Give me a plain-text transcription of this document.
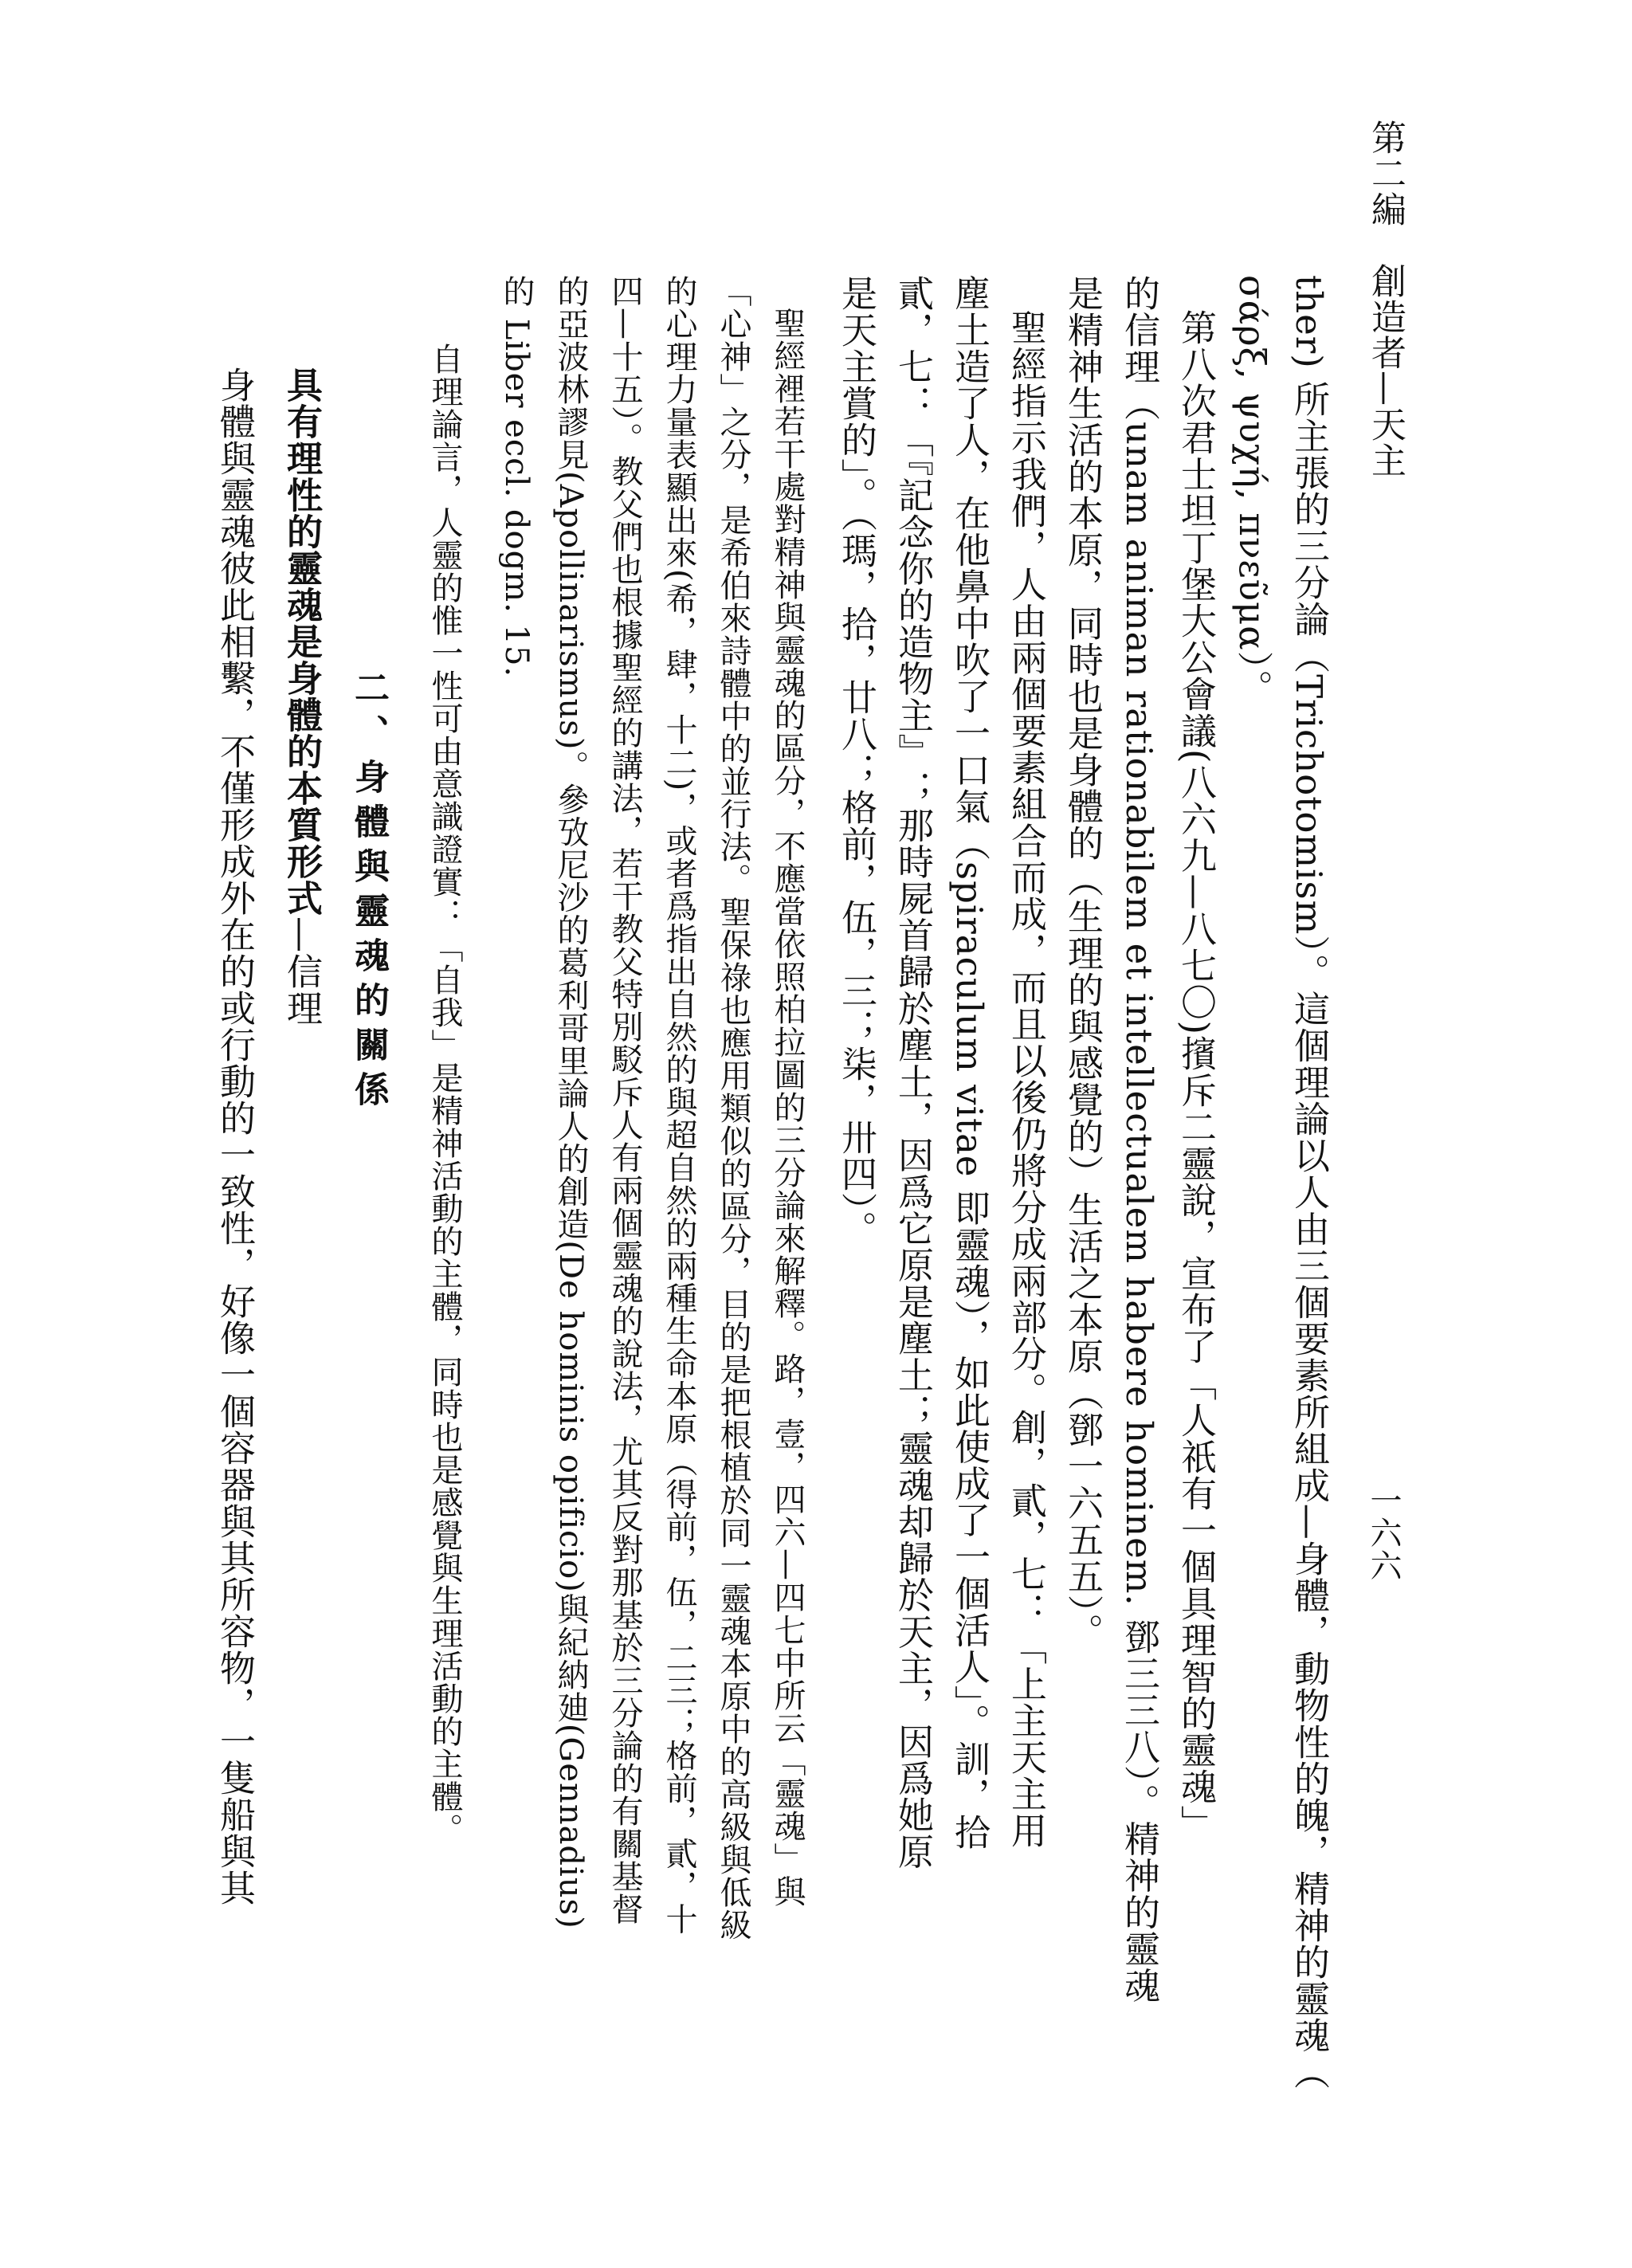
第二編　創造者—天主
一六六
ther) 所主張的三分論（Trichotomism）。這個理論以人由三個要素所組成—身體，動物性的魄，精神的靈魂（
σάρξ, ψυχή, πνεῦμα）。
第八次君士坦丁堡大公會議(八六九—八七〇)擯斥二靈說，宣布了「人祇有一個具理智的靈魂」
的信理（unam animan rationabilem et intellectualem habere hominem. 鄧三三八）。精神的靈魂
是精神生活的本原，同時也是身體的（生理的與感覺的）生活之本原（鄧一六五五）。
聖經指示我們，人由兩個要素組合而成，而且以後仍將分成兩部分。創，貳，七：「上主天主用
塵土造了人，在他鼻中吹了一口氣（spiraculum vitae 即靈魂），如此使成了一個活人」。訓，拾
貳，七：「『記念你的造物主』；那時屍首歸於塵土，因爲它原是塵土；靈魂却歸於天主，因爲她原
是天主賞的」。（瑪，拾，廿八；格前，伍，三；柒，卅四）。
聖經裡若干處對精神與靈魂的區分，不應當依照柏拉圖的三分論來解釋。路，壹，四六—四七中所云「靈魂」與
「心神」之分，是希伯來詩體中的並行法。聖保祿也應用類似的區分，目的是把根植於同一靈魂本原中的高級與低級
的心理力量表顯出來(希，肆，十二)，或者爲指出自然的與超自然的兩種生命本原（得前，伍，二三；格前，貳，十
四—十五）。教父們也根據聖經的講法，若干教父特別駁斥人有兩個靈魂的說法，尤其反對那基於三分論的有關基督
的亞波林謬見(Apollinarismus)。參攷尼沙的葛利哥里論人的創造(De hominis opificio)與紀納廸(Gennadius)
的 Liber eccl. dogm. 15.
自理論言，人靈的惟一性可由意識證實：「自我」是精神活動的主體，同時也是感覺與生理活動的主體。
二、身體與靈魂的關係
具有理性的靈魂是身體的本質形式—信理
身體與靈魂彼此相繫，不僅形成外在的或行動的一致性，好像一個容器與其所容物，一隻船與其
